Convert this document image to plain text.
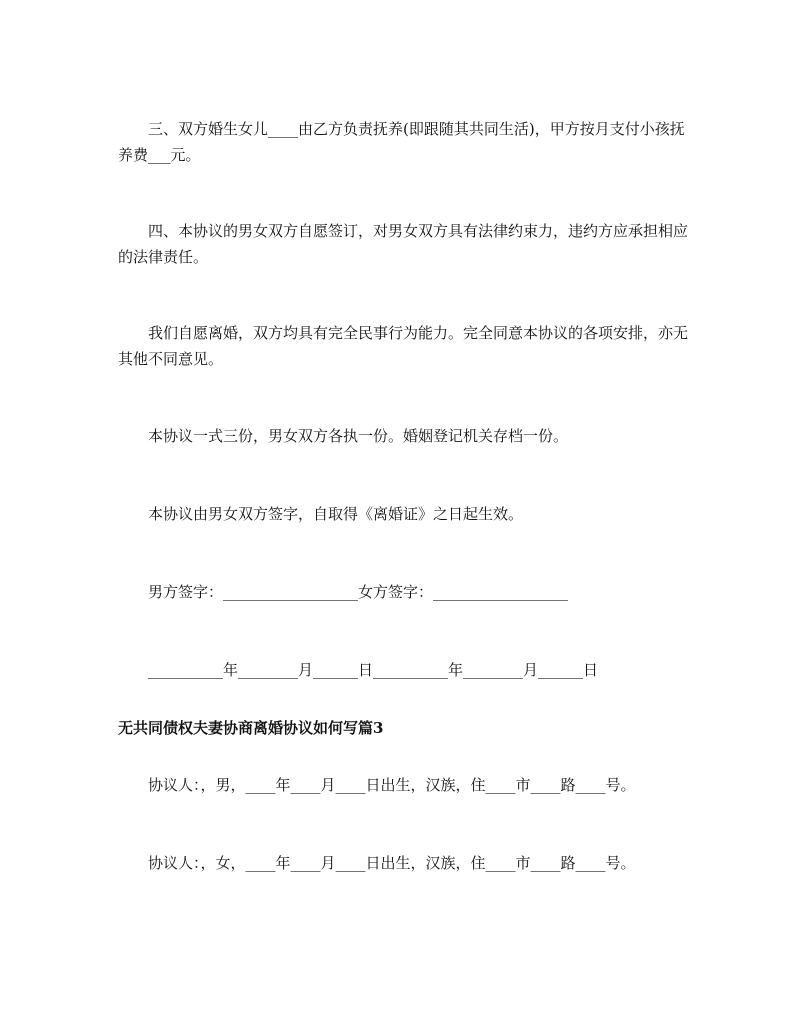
三、双方婚生女儿____由乙方负责抚养(即跟随其共同生活)，甲方按月支付小孩抚养费___元。

四、本协议的男女双方自愿签订，对男女双方具有法律约束力，违约方应承担相应的法律责任。

我们自愿离婚，双方均具有完全民事行为能力。完全同意本协议的各项安排，亦无其他不同意见。

本协议一式三份，男女双方各执一份。婚姻登记机关存档一份。

本协议由男女双方签字，自取得《离婚证》之日起生效。

男方签字：__________________女方签字：__________________

__________年________月______日__________年________月______日

无共同债权夫妻协商离婚协议如何写篇3

协议人：，男，____年____月____日出生，汉族，住____市____路____号。

协议人：，女，____年____月____日出生，汉族，住____市____路____号。
